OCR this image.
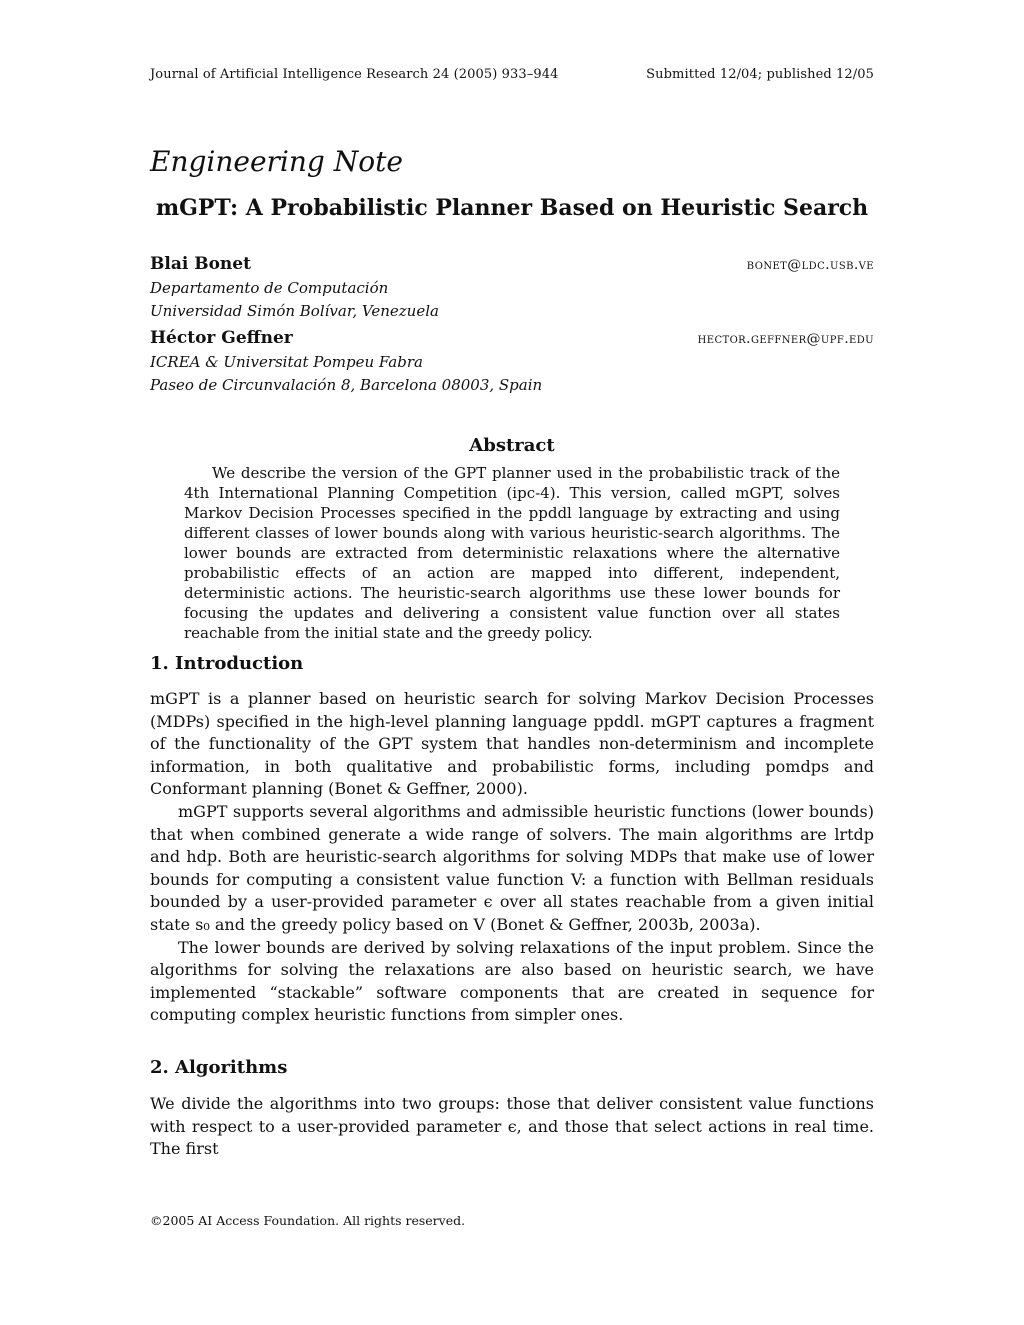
Journal of Artificial Intelligence Research 24 (2005) 933–944	Submitted 12/04; published 12/05
Engineering Note
mGPT: A Probabilistic Planner Based on Heuristic Search
Blai Bonet	bonet@ldc.usb.ve
Departamento de Computación
Universidad Simón Bolívar, Venezuela
Héctor Geffner	hector.geffner@upf.edu
ICREA & Universitat Pompeu Fabra
Paseo de Circunvalación 8, Barcelona 08003, Spain
Abstract

We describe the version of the GPT planner used in the probabilistic track of the 4th International Planning Competition (ipc-4). This version, called mGPT, solves Markov Decision Processes specified in the ppddl language by extracting and using different classes of lower bounds along with various heuristic-search algorithms. The lower bounds are extracted from deterministic relaxations where the alternative probabilistic effects of an action are mapped into different, independent, deterministic actions. The heuristic-search algorithms use these lower bounds for focusing the updates and delivering a consistent value function over all states reachable from the initial state and the greedy policy.

1. Introduction

mGPT is a planner based on heuristic search for solving Markov Decision Processes (MDPs) specified in the high-level planning language ppddl. mGPT captures a fragment of the functionality of the GPT system that handles non-determinism and incomplete information, in both qualitative and probabilistic forms, including pomdps and Conformant planning (Bonet & Geffner, 2000).

mGPT supports several algorithms and admissible heuristic functions (lower bounds) that when combined generate a wide range of solvers. The main algorithms are lrtdp and hdp. Both are heuristic-search algorithms for solving MDPs that make use of lower bounds for computing a consistent value function V: a function with Bellman residuals bounded by a user-provided parameter ϵ over all states reachable from a given initial state s₀ and the greedy policy based on V (Bonet & Geffner, 2003b, 2003a).

The lower bounds are derived by solving relaxations of the input problem. Since the algorithms for solving the relaxations are also based on heuristic search, we have implemented “stackable” software components that are created in sequence for computing complex heuristic functions from simpler ones.

2. Algorithms

We divide the algorithms into two groups: those that deliver consistent value functions with respect to a user-provided parameter ϵ, and those that select actions in real time. The first

©2005 AI Access Foundation. All rights reserved.
